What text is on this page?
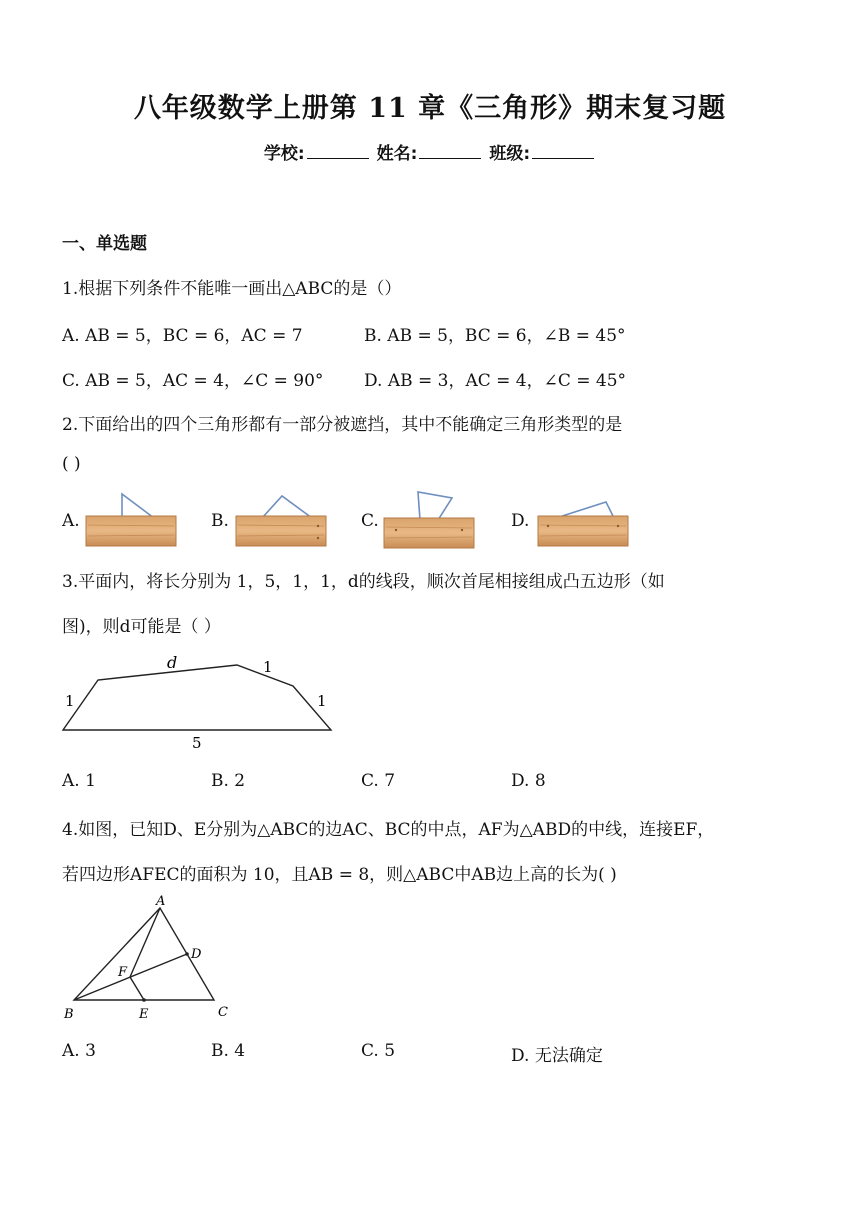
八年级数学上册第 11 章《三角形》期末复习题
学校:	姓名:	班级:
一、单选题
1.根据下列条件不能唯一画出△ABC的是（）
A. AB = 5，BC = 6，AC = 7	B. AB = 5，BC = 6，∠B = 45°
C. AB = 5，AC = 4，∠C = 90° D. AB = 3，AC = 4，∠C = 45°
2.下面给出的四个三角形都有一部分被遮挡，其中不能确定三角形类型的是
( )
A.	B.	C.	D.
3.平面内，将长分别为 1，5，1，1，d的线段，顺次首尾相接组成凸五边形（如
图)，则d可能是（ ）
d	1
1	1
5
A. 1	B. 2	C. 7	D. 8
4.如图，已知D、E分别为△ABC的边AC、BC的中点，AF为△ABD的中线，连接EF，
若四边形AFEC的面积为 10，且AB = 8，则△ABC中AB边上高的长为( )
A
B	C
D
E
F
A. 3	B. 4	C. 5	D. 无法确定
